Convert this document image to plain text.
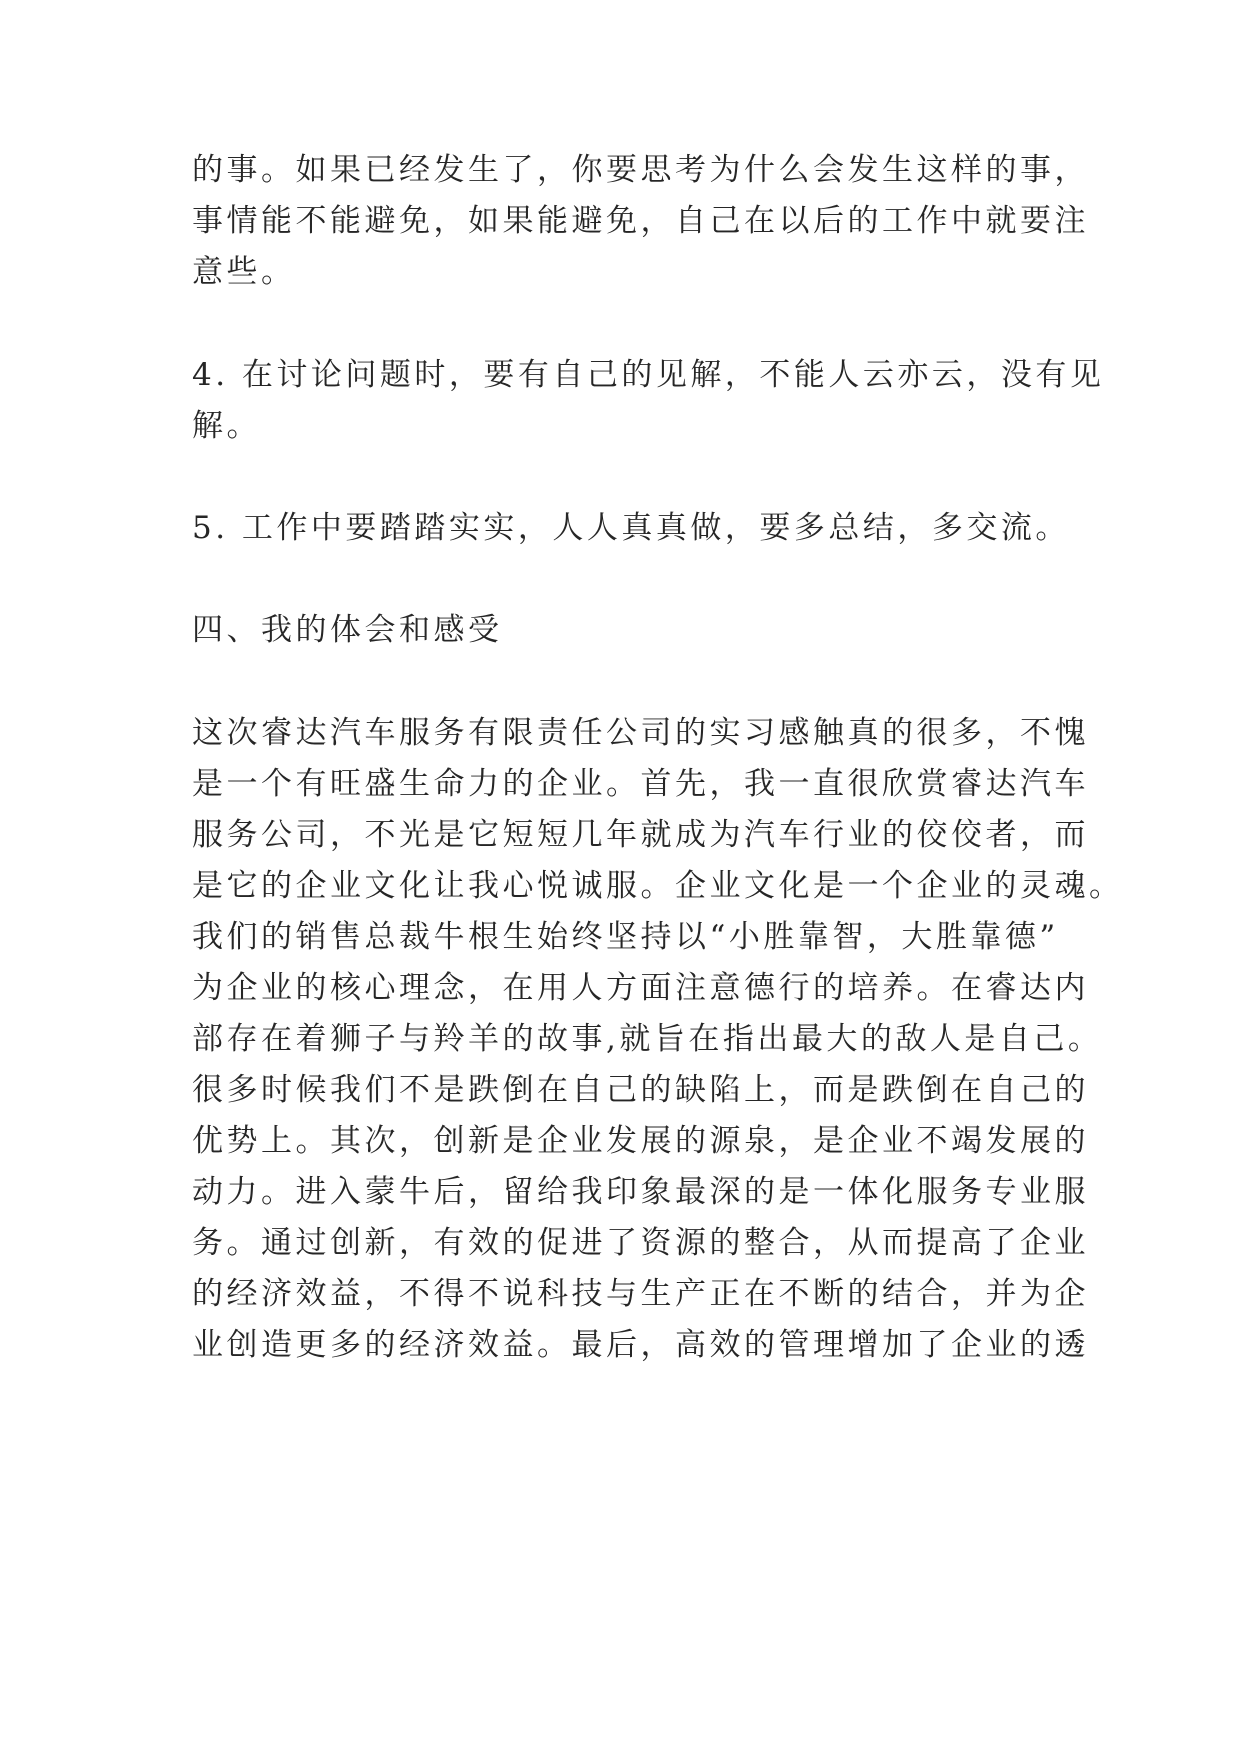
的事。如果已经发生了，你要思考为什么会发生这样的事，
事情能不能避免，如果能避免，自己在以后的工作中就要注
意些。
4. 在讨论问题时，要有自己的见解，不能人云亦云，没有见
解。
5. 工作中要踏踏实实，人人真真做，要多总结，多交流。
四、我的体会和感受
这次睿达汽车服务有限责任公司的实习感触真的很多，不愧
是一个有旺盛生命力的企业。首先，我一直很欣赏睿达汽车
服务公司，不光是它短短几年就成为汽车行业的佼佼者，而
是它的企业文化让我心悦诚服。企业文化是一个企业的灵魂。
我们的销售总裁牛根生始终坚持以“小胜靠智，大胜靠德”
为企业的核心理念，在用人方面注意德行的培养。在睿达内
部存在着狮子与羚羊的故事,就旨在指出最大的敌人是自己。
很多时候我们不是跌倒在自己的缺陷上，而是跌倒在自己的
优势上。其次，创新是企业发展的源泉，是企业不竭发展的
动力。进入蒙牛后，留给我印象最深的是一体化服务专业服
务。通过创新，有效的促进了资源的整合，从而提高了企业
的经济效益，不得不说科技与生产正在不断的结合，并为企
业创造更多的经济效益。最后，高效的管理增加了企业的透
